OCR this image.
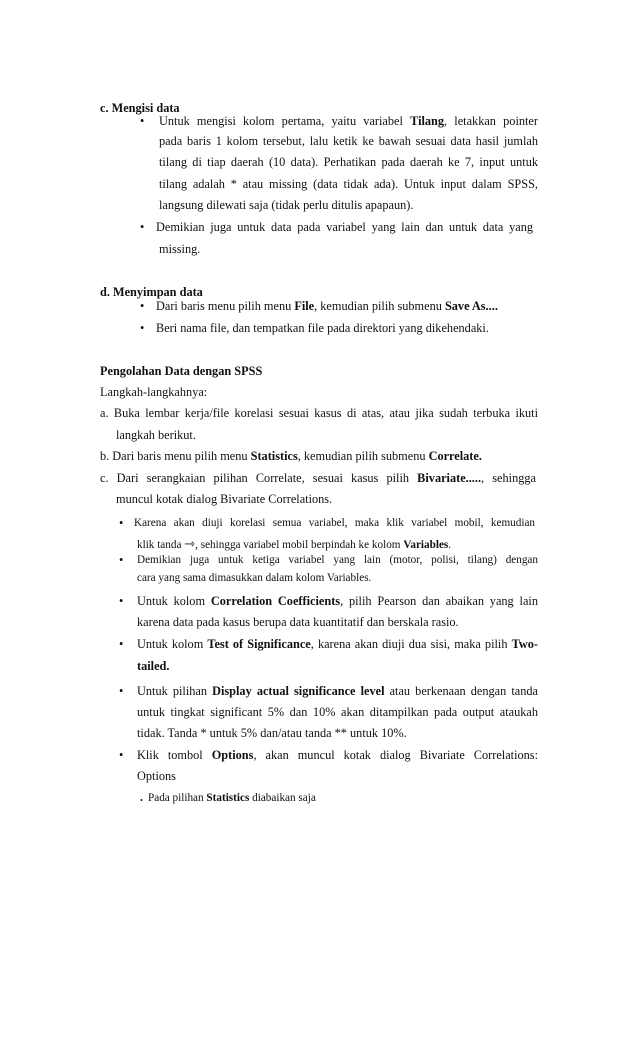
c. Mengisi data
• Untuk mengisi kolom pertama, yaitu variabel Tilang, letakkan pointer
pada baris 1 kolom tersebut, lalu ketik ke bawah sesuai data hasil jumlah
tilang di tiap daerah (10 data). Perhatikan pada daerah ke 7, input untuk
tilang adalah * atau missing (data tidak ada). Untuk input dalam SPSS,
langsung dilewati saja (tidak perlu ditulis apapaun).
• Demikian juga untuk data pada variabel yang lain dan untuk data yang
missing.
d. Menyimpan data
• Dari baris menu pilih menu File, kemudian pilih submenu Save As....
• Beri nama file, dan tempatkan file pada direktori yang dikehendaki.
Pengolahan Data dengan SPSS
Langkah-langkahnya:
a. Buka lembar kerja/file korelasi sesuai kasus di atas, atau jika sudah terbuka ikuti
langkah berikut.
b. Dari baris menu pilih menu Statistics, kemudian pilih submenu Correlate.
c. Dari serangkaian pilihan Correlate, sesuai kasus pilih Bivariate....., sehingga
muncul kotak dialog Bivariate Correlations.
• Karena akan diuji korelasi semua variabel, maka klik variabel mobil, kemudian
klik tanda ⇾, sehingga variabel mobil berpindah ke kolom Variables.
• Demikian juga untuk ketiga variabel yang lain (motor, polisi, tilang) dengan
cara yang sama dimasukkan dalam kolom Variables.
• Untuk kolom Correlation Coefficients, pilih Pearson dan abaikan yang lain
karena data pada kasus berupa data kuantitatif dan berskala rasio.
• Untuk kolom Test of Significance, karena akan diuji dua sisi, maka pilih Two-
tailed.
• Untuk pilihan Display actual significance level atau berkenaan dengan tanda
untuk tingkat significant 5% dan 10% akan ditampilkan pada output ataukah
tidak. Tanda * untuk 5% dan/atau tanda ** untuk 10%.
• Klik tombol Options, akan muncul kotak dialog Bivariate Correlations:
Options
• Pada pilihan Statistics diabaikan saja
